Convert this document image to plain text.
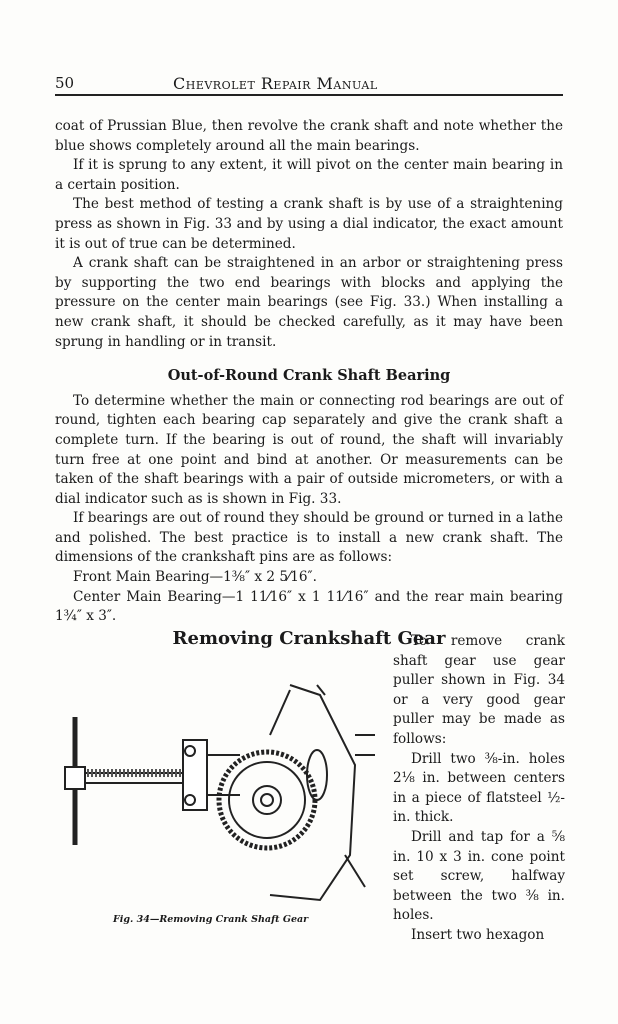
50	Chevrolet Repair Manual

coat of Prussian Blue, then revolve the crank shaft and note whether the blue shows completely around all the main bearings.

If it is sprung to any extent, it will pivot on the center main bearing in a certain position.

The best method of testing a crank shaft is by use of a straightening press as shown in Fig. 33 and by using a dial indicator, the exact amount it is out of true can be determined.

A crank shaft can be straightened in an arbor or straightening press by supporting the two end bearings with blocks and applying the pressure on the center main bearings (see Fig. 33.) When installing a new crank shaft, it should be checked carefully, as it may have been sprung in handling or in transit.

Out-of-Round Crank Shaft Bearing

To determine whether the main or connecting rod bearings are out of round, tighten each bearing cap separately and give the crank shaft a complete turn. If the bearing is out of round, the shaft will invariably turn free at one point and bind at another. Or measurements can be taken of the shaft bearings with a pair of outside micrometers, or with a dial indicator such as is shown in Fig. 33.

If bearings are out of round they should be ground or turned in a lathe and polished. The best practice is to install a new crank shaft. The dimensions of the crankshaft pins are as follows:

Front Main Bearing—1⅜″ x 2 5⁄16″.

Center Main Bearing—1 11⁄16″ x 1 11⁄16″ and the rear main bearing 1¾″ x 3″.

Removing Crankshaft Gear

To remove crank shaft gear use gear puller shown in Fig. 34 or a very good gear puller may be made as follows:

Drill two ⅜-in. holes 2⅛ in. between centers in a piece of flatsteel ½-in. thick.

Drill and tap for a ⅝ in. 10 x 3 in. cone point set screw, halfway between the two ⅜ in. holes.

Insert two hexagon

Fig. 34—Removing Crank Shaft Gear
